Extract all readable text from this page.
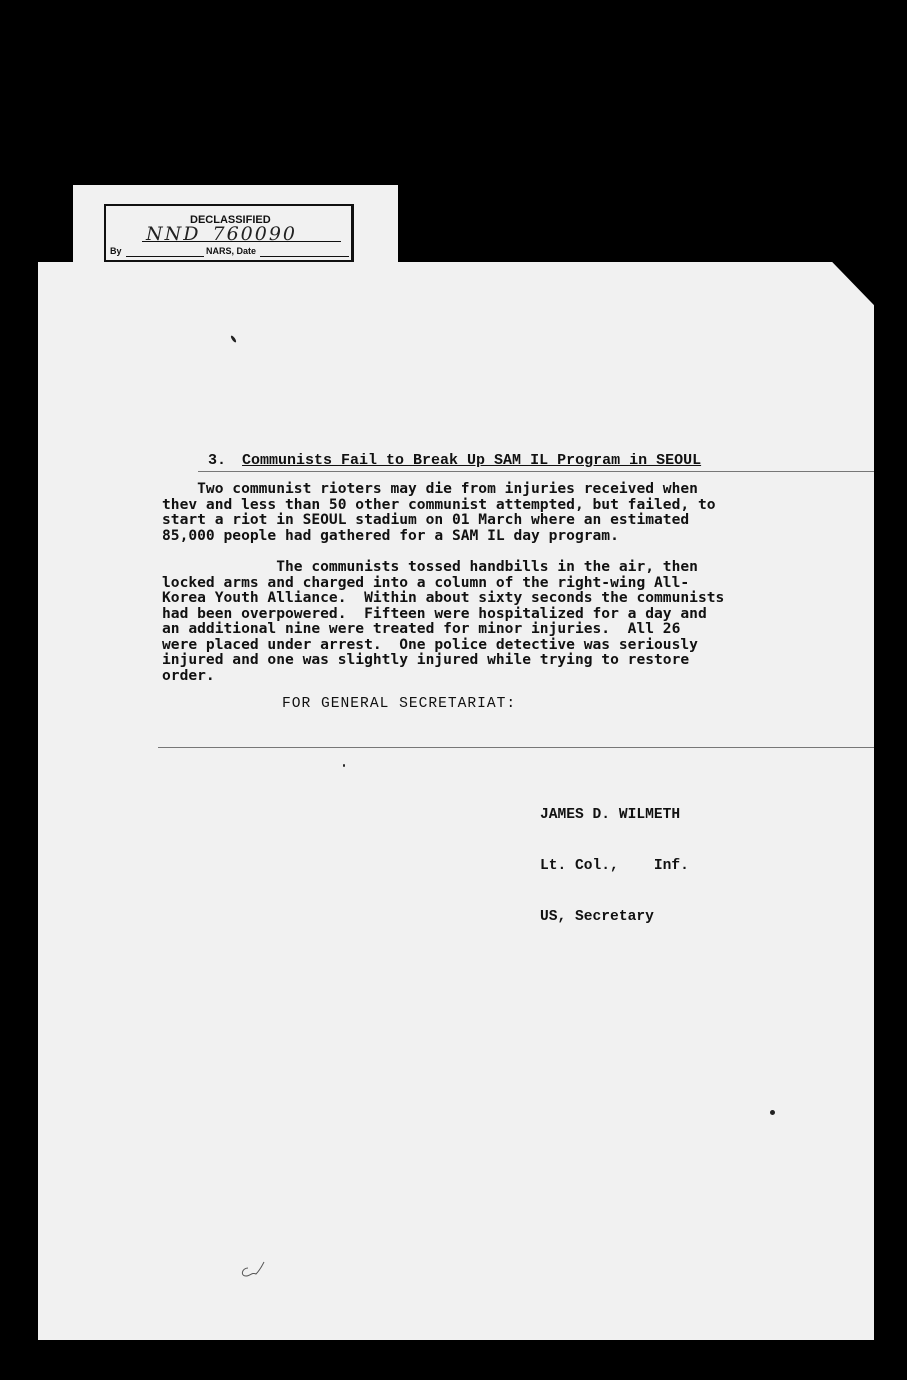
DECLASSIFIED
NND 760090
By	NARS, Date
3. Communists Fail to Break Up SAM IL Program in SEOUL
Two communist rioters may die from injuries received when
thev and less than 50 other communist attempted, but failed, to
start a riot in SEOUL stadium on 01 March where an estimated
85,000 people had gathered for a SAM IL day program.
The communists tossed handbills in the air, then
locked arms and charged into a column of the right-wing All-
Korea Youth Alliance.  Within about sixty seconds the communists
had been overpowered.  Fifteen were hospitalized for a day and
an additional nine were treated for minor injuries.  All 26
were placed under arrest.  One police detective was seriously
injured and one was slightly injured while trying to restore
order.
FOR GENERAL SECRETARIAT:

JAMES D. WILMETH

Lt. Col.,    Inf.

US, Secretary
